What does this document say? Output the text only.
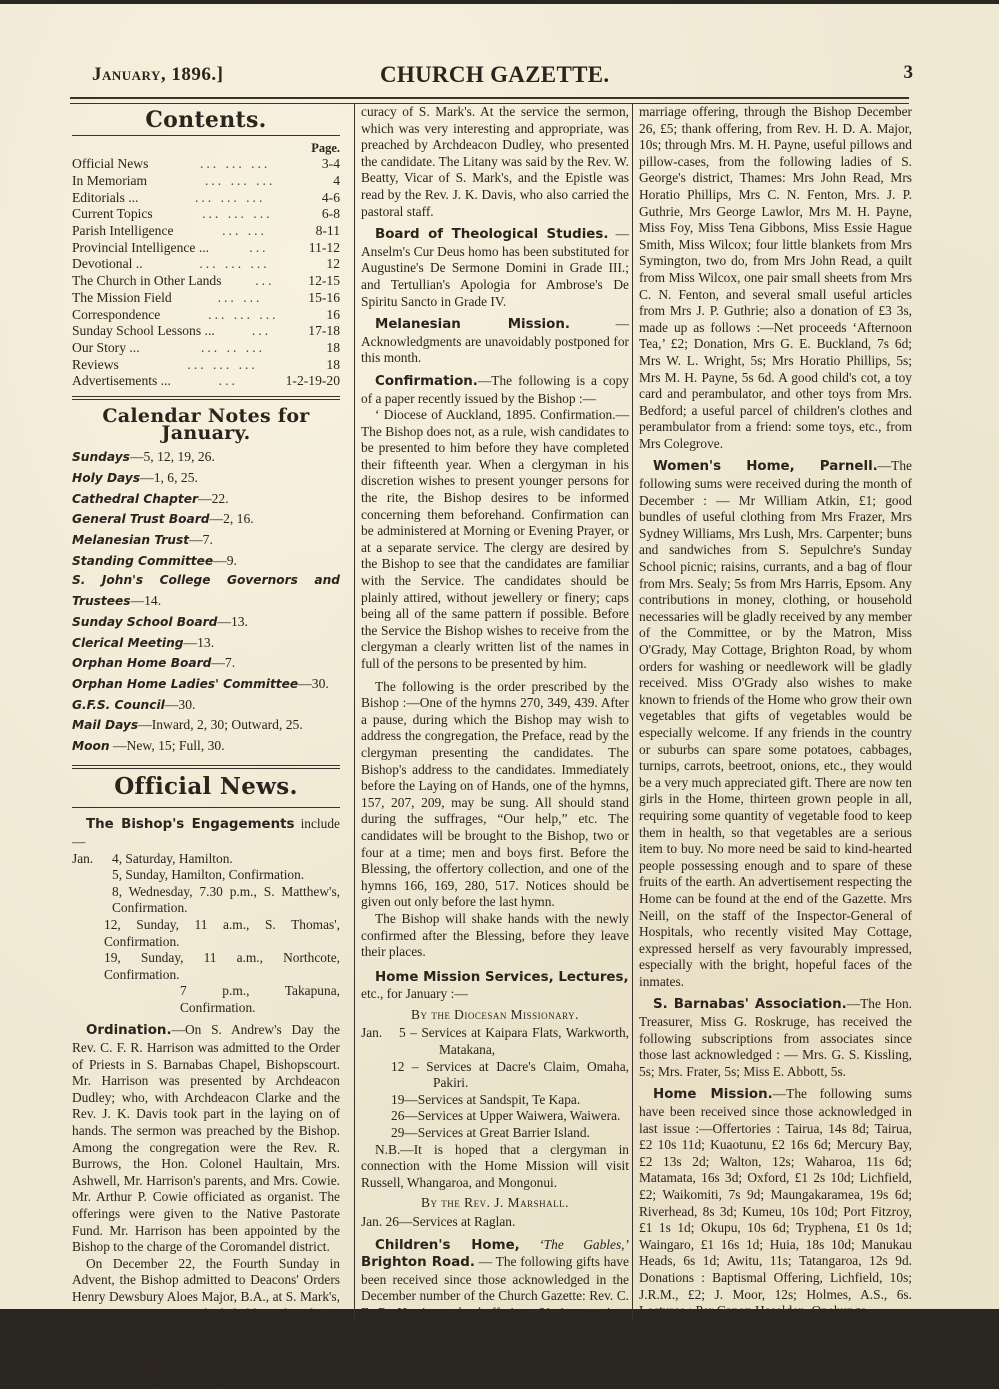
January, 1896.]	CHURCH GAZETTE.	3
Contents.
Page.
Official News	... ... ...	3-4
In Memoriam	... ... ...	4
Editorials ...	... ... ...	4-6
Current Topics	... ... ...	6-8
Parish Intelligence	... ...	8-11
Provincial Intelligence ...	...	11-12
Devotional ..	... ... ...	12
The Church in Other Lands	...	12-15
The Mission Field	... ...	15-16
Correspondence	... ... ...	16
Sunday School Lessons ...	...	17-18
Our Story ...	... .. ...	18
Reviews	... ... ...	18
Advertisements ...	...	1-2-19-20
Calendar Notes for January.
Sundays—5, 12, 19, 26.
Holy Days—1, 6, 25.
Cathedral Chapter—22.
General Trust Board—2, 16.
Melanesian Trust—7.
Standing Committee—9.
S. John's College Governors and Trustees—14.
Sunday School Board—13.
Clerical Meeting—13.
Orphan Home Board—7.
Orphan Home Ladies' Committee—30.
G.F.S. Council—30.
Mail Days—Inward, 2, 30; Outward, 25.
Moon —New, 15; Full, 30.
Official News.

The Bishop's Engagements include—

Jan.	4, Saturday, Hamilton.
5, Sunday, Hamilton, Confirmation.
8, Wednesday, 7.30 p.m., S. Matthew's, Confirmation.
12, Sunday, 11 a.m., S. Thomas', Confirmation.
19, Sunday, 11 a.m., Northcote, Confirmation.
7 p.m., Takapuna, Confirmation.

Ordination.—On S. Andrew's Day the Rev. C. F. R. Harrison was admitted to the Order of Priests in S. Barnabas Chapel, Bishopscourt. Mr. Harrison was presented by Archdeacon Dudley; who, with Archdeacon Clarke and the Rev. J. K. Davis took part in the laying on of hands. The sermon was preached by the Bishop. Among the congregation were the Rev. R. Burrows, the Hon. Colonel Haultain, Mrs. Ashwell, Mr. Harrison's parents, and Mrs. Cowie. Mr. Arthur P. Cowie officiated as organist. The offerings were given to the Native Pastorate Fund. Mr. Harrison has been appointed by the Bishop to the charge of the Coromandel district.

On December 22, the Fourth Sunday in Advent, the Bishop admitted to Deacons' Orders Henry Dewsbury Aloes Major, B.A., at S. Mark's, Remuera. Mr. Major had held a foundation scholarship at S. John's College, and holds a senior scholarship of the University of New Zealand, having taken his B.A. in 1895. He has been licensed by the Bishop to the

curacy of S. Mark's. At the service the sermon, which was very interesting and appropriate, was preached by Archdeacon Dudley, who presented the candidate. The Litany was said by the Rev. W. Beatty, Vicar of S. Mark's, and the Epistle was read by the Rev. J. K. Davis, who also carried the pastoral staff.

Board of Theological Studies. — Anselm's Cur Deus homo has been substituted for Augustine's De Sermone Domini in Grade III.; and Tertullian's Apologia for Ambrose's De Spiritu Sancto in Grade IV.

Melanesian Mission. — Acknowledgments are unavoidably postponed for this month.

Confirmation.—The following is a copy of a paper recently issued by the Bishop :—

‘ Diocese of Auckland, 1895. Confirmation.—The Bishop does not, as a rule, wish candidates to be presented to him before they have completed their fifteenth year. When a clergyman in his discretion wishes to present younger persons for the rite, the Bishop desires to be informed concerning them beforehand. Confirmation can be administered at Morning or Evening Prayer, or at a separate service. The clergy are desired by the Bishop to see that the candidates are familiar with the Service. The candidates should be plainly attired, without jewellery or finery; caps being all of the same pattern if possible. Before the Service the Bishop wishes to receive from the clergyman a clearly written list of the names in full of the persons to be presented by him.

The following is the order prescribed by the Bishop :—One of the hymns 270, 349, 439. After a pause, during which the Bishop may wish to address the congregation, the Preface, read by the clergyman presenting the candidates. The Bishop's address to the candidates. Immediately before the Laying on of Hands, one of the hymns, 157, 207, 209, may be sung. All should stand during the suffrages, “Our help,” etc. The candidates will be brought to the Bishop, two or four at a time; men and boys first. Before the Blessing, the offertory collection, and one of the hymns 166, 169, 280, 517. Notices should be given out only before the last hymn.

The Bishop will shake hands with the newly confirmed after the Blessing, before they leave their places.

Home Mission Services, Lectures,

etc., for January :—

By the Diocesan Missionary.
Jan.	5 – Services at Kaipara Flats, Warkworth, Matakana,
12 – Services at Dacre's Claim, Omaha, Pakiri.
19—Services at Sandspit, Te Kapa.
26—Services at Upper Waiwera, Waiwera.
29—Services at Great Barrier Island.

N.B.—It is hoped that a clergyman in connection with the Home Mission will visit Russell, Whangaroa, and Mongonui.

By the Rev. J. Marshall.

Jan. 26—Services at Raglan.

Children's Home, ‘The Gables,’ Brighton Road. — The following gifts have been received since those acknowledged in the December number of the Church Gazette: Rev. C. F. R. Harrison, thankoffering, £1 1s; marriage offering, through the Bishop, December 18, £5;

marriage offering, through the Bishop December 26, £5; thank offering, from Rev. H. D. A. Major, 10s; through Mrs. M. H. Payne, useful pillows and pillow-cases, from the following ladies of S. George's district, Thames: Mrs John Read, Mrs Horatio Phillips, Mrs C. N. Fenton, Mrs. J. P. Guthrie, Mrs George Lawlor, Mrs M. H. Payne, Miss Foy, Miss Tena Gibbons, Miss Essie Hague Smith, Miss Wilcox; four little blankets from Mrs Symington, two do, from Mrs John Read, a quilt from Miss Wilcox, one pair small sheets from Mrs C. N. Fenton, and several small useful articles from Mrs J. P. Guthrie; also a donation of £3 3s, made up as follows :—Net proceeds ‘Afternoon Tea,’ £2; Donation, Mrs G. E. Buckland, 7s 6d; Mrs W. L. Wright, 5s; Mrs Horatio Phillips, 5s; Mrs M. H. Payne, 5s 6d. A good child's cot, a toy card and perambulator, and other toys from Mrs. Bedford; a useful parcel of children's clothes and perambulator from a friend: some toys, etc., from Mrs Colegrove.

Women's Home, Parnell.—The following sums were received during the month of December : — Mr William Atkin, £1; good bundles of useful clothing from Mrs Frazer, Mrs Sydney Williams, Mrs Lush, Mrs. Carpenter; buns and sandwiches from S. Sepulchre's Sunday School picnic; raisins, currants, and a bag of flour from Mrs. Sealy; 5s from Mrs Harris, Epsom. Any contributions in money, clothing, or household necessaries will be gladly received by any member of the Committee, or by the Matron, Miss O'Grady, May Cottage, Brighton Road, by whom orders for washing or needlework will be gladly received. Miss O'Grady also wishes to make known to friends of the Home who grow their own vegetables that gifts of vegetables would be especially welcome. If any friends in the country or suburbs can spare some potatoes, cabbages, turnips, carrots, beetroot, onions, etc., they would be a very much appreciated gift. There are now ten girls in the Home, thirteen grown people in all, requiring some quantity of vegetable food to keep them in health, so that vegetables are a serious item to buy. No more need be said to kind-hearted people possessing enough and to spare of these fruits of the earth. An advertisement respecting the Home can be found at the end of the Gazette. Mrs Neill, on the staff of the Inspector-General of Hospitals, who recently visited May Cottage, expressed herself as very favourably impressed, especially with the bright, hopeful faces of the inmates.

S. Barnabas' Association.—The Hon. Treasurer, Miss G. Roskruge, has received the following subscriptions from associates since those last acknowledged : — Mrs. G. S. Kissling, 5s; Mrs. Frater, 5s; Miss E. Abbott, 5s.

Home Mission.—The following sums have been received since those acknowledged in last issue :—Offertories : Tairua, 14s 8d; Tairua, £2 10s 11d; Kuaotunu, £2 16s 6d; Mercury Bay, £2 13s 2d; Walton, 12s; Waharoa, 11s 6d; Matamata, 16s 3d; Oxford, £1 2s 10d; Lichfield, £2; Waikomiti, 7s 9d; Maungakaramea, 19s 6d; Riverhead, 8s 3d; Kumeu, 10s 10d; Port Fitzroy, £1 1s 1d; Okupu, 10s 6d; Tryphena, £1 0s 1d; Waingaro, £1 16s 1d; Huia, 18s 10d; Manukau Heads, 6s 1d; Awitu, 11s; Tatangaroa, 12s 9d. Donations : Baptismal Offering, Lichfield, 10s; J.R.M., £2; J. Moor, 12s; Holmes, A.S., 6s. Lectures : Per Canon Haselden, Onehunga,
